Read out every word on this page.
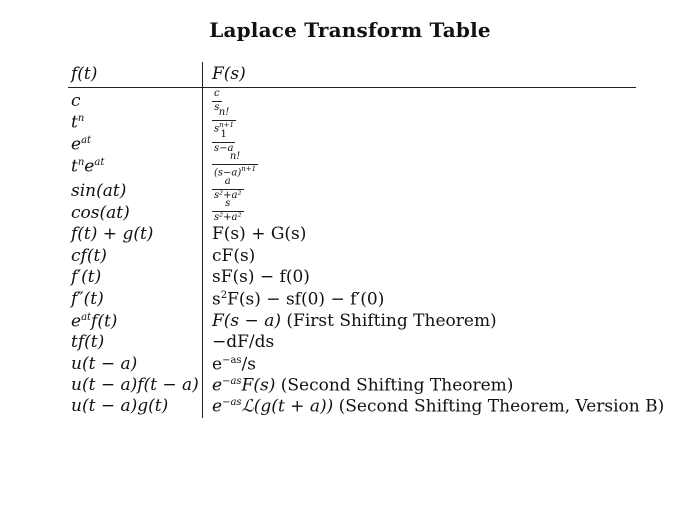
Laplace Transform Table
f(t)	F(s)
c	$\frac{c}{s}$
$t^n$	$\frac{n!}{s^{n+1}}$
$e^{at}$	$\frac{1}{s-a}$
$t^ne^{at}$	$\frac{n!}{(s-a)^{n+1}}$
sin(at)	$\frac{a}{\text{s²+a²}}$
cos(at)	$\frac{s}{\text{s²+a²}}$
f(t) + g(t)	F(s) + G(s)
cf(t)	cF(s)
f′(t)	sF(s) − f(0)
f″(t)	$s^2F(s) - sf(0) - f'(0)$
$e^{at}f(t)$	F(s − a) (First Shifting Theorem)
tf(t)	−dF/ds
u(t − a)	$e^{-as}/s$
u(t − a)f(t − a) $e^{-as}F(s)$ (Second Shifting Theorem)
u(t − a)g(t)	$e^{-as}ℒ(g(t + a))$ (Second Shifting Theorem, Version B)
